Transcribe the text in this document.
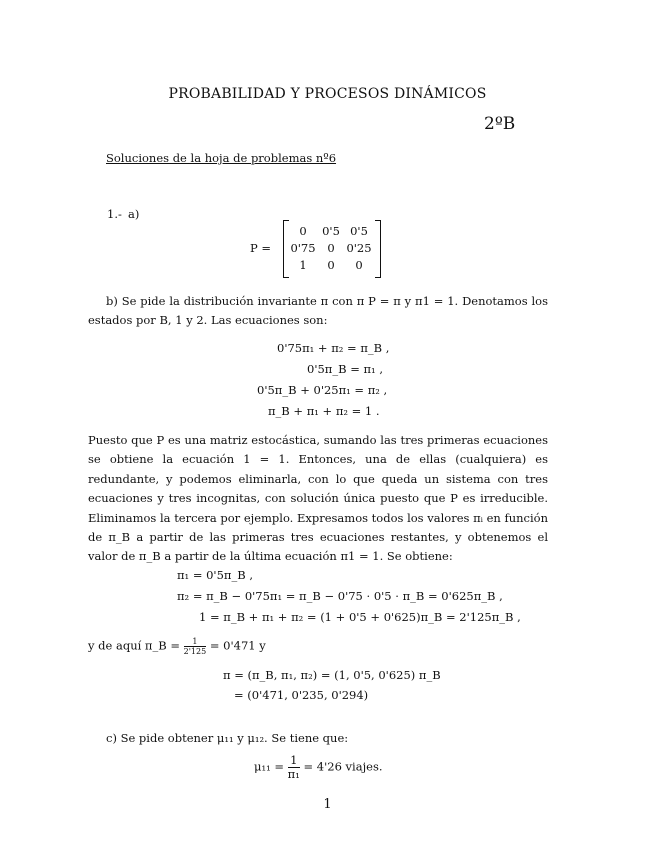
PROBABILIDAD Y PROCESOS DINÁMICOS
2ºB
Soluciones de la hoja de problemas nº6
1.- a)
P =
0	0'5	0'5
0'75	0	0'25
1	0	0
b) Se pide la distribución invariante π con π P = π y π1 = 1. Denotamos los estados por B, 1 y 2. Las ecuaciones son:
0'75π₁ + π₂ = π_B ,
0'5π_B = π₁ ,
0'5π_B + 0'25π₁ = π₂ ,
π_B + π₁ + π₂ = 1 .
Puesto que P es una matriz estocástica, sumando las tres primeras ecuaciones se obtiene la ecuación 1 = 1. Entonces, una de ellas (cualquiera) es redundante, y podemos eliminarla, con lo que queda un sistema con tres ecuaciones y tres incognitas, con solución única puesto que P es irreducible. Eliminamos la tercera por ejemplo. Expresamos todos los valores πᵢ en función de π_B a partir de las primeras tres ecuaciones restantes, y obtenemos el valor de π_B a partir de la última ecuación π1 = 1. Se obtiene:
π₁ = 0'5π_B ,
π₂ = π_B − 0'75π₁ = π_B − 0'75 · 0'5 · π_B = 0'625π_B ,
1 = π_B + π₁ + π₂ = (1 + 0'5 + 0'625)π_B = 2'125π_B ,
y de aquí π_B = $\frac{1}{2'125} = 0'471$ y
π = (π_B, π₁, π₂) = (1, 0'5, 0'625) π_B
= (0'471, 0'235, 0'294)
c) Se pide obtener μ₁₁ y μ₁₂. Se tiene que:
$\mu_{11} = \frac{1}{\text{π₁}} = 4'26$ viajes.
1
